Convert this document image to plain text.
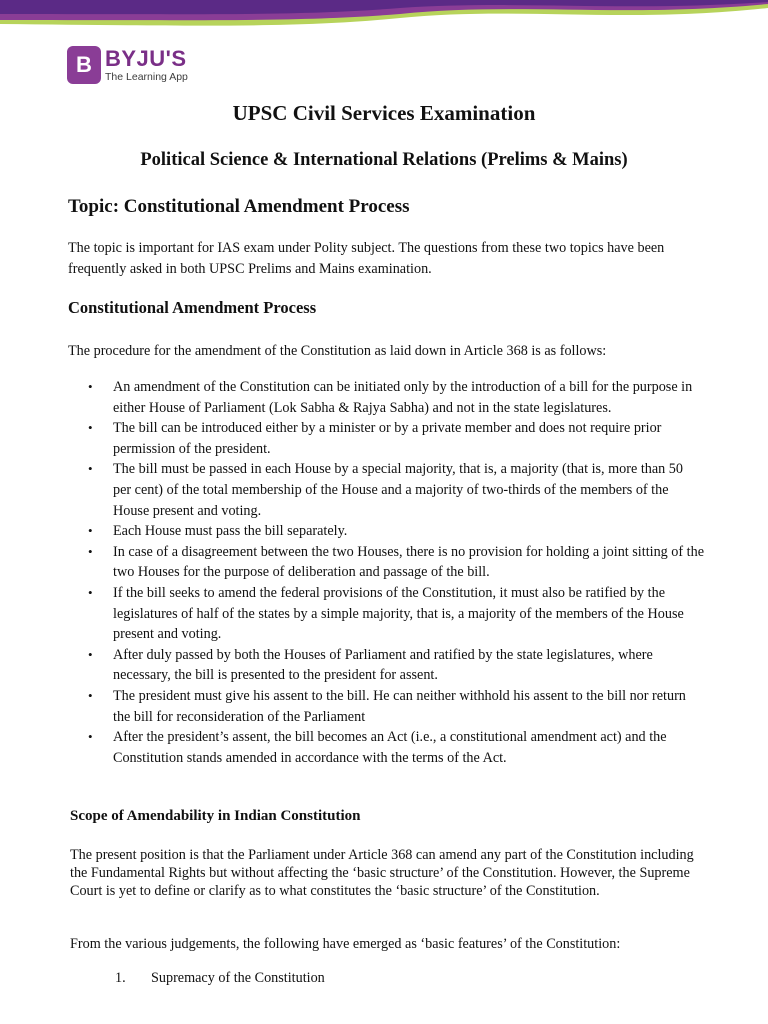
B BYJU'S
The Learning App
UPSC Civil Services Examination
Political Science & International Relations (Prelims & Mains)
Topic: Constitutional Amendment Process
The topic is important for IAS exam under Polity subject. The questions from these two topics have been frequently asked in both UPSC Prelims and Mains examination.
Constitutional Amendment Process
The procedure for the amendment of the Constitution as laid down in Article 368 is as follows:
• An amendment of the Constitution can be initiated only by the introduction of a bill for the purpose in either House of Parliament (Lok Sabha & Rajya Sabha) and not in the state legislatures.
• The bill can be introduced either by a minister or by a private member and does not require prior permission of the president.
• The bill must be passed in each House by a special majority, that is, a majority (that is, more than 50 per cent) of the total membership of the House and a majority of two-thirds of the members of the House present and voting.
• Each House must pass the bill separately.
• In case of a disagreement between the two Houses, there is no provision for holding a joint sitting of the two Houses for the purpose of deliberation and passage of the bill.
• If the bill seeks to amend the federal provisions of the Constitution, it must also be ratified by the legislatures of half of the states by a simple majority, that is, a majority of the members of the House present and voting.
• After duly passed by both the Houses of Parliament and ratified by the state legislatures, where necessary, the bill is presented to the president for assent.
• The president must give his assent to the bill. He can neither withhold his assent to the bill nor return the bill for reconsideration of the Parliament
• After the president’s assent, the bill becomes an Act (i.e., a constitutional amendment act) and the Constitution stands amended in accordance with the terms of the Act.
Scope of Amendability in Indian Constitution
The present position is that the Parliament under Article 368 can amend any part of the Constitution including the Fundamental Rights but without affecting the ‘basic structure’ of the Constitution. However, the Supreme Court is yet to define or clarify as to what constitutes the ‘basic structure’ of the Constitution.
From the various judgements, the following have emerged as ‘basic features’ of the Constitution:
1. Supremacy of the Constitution
